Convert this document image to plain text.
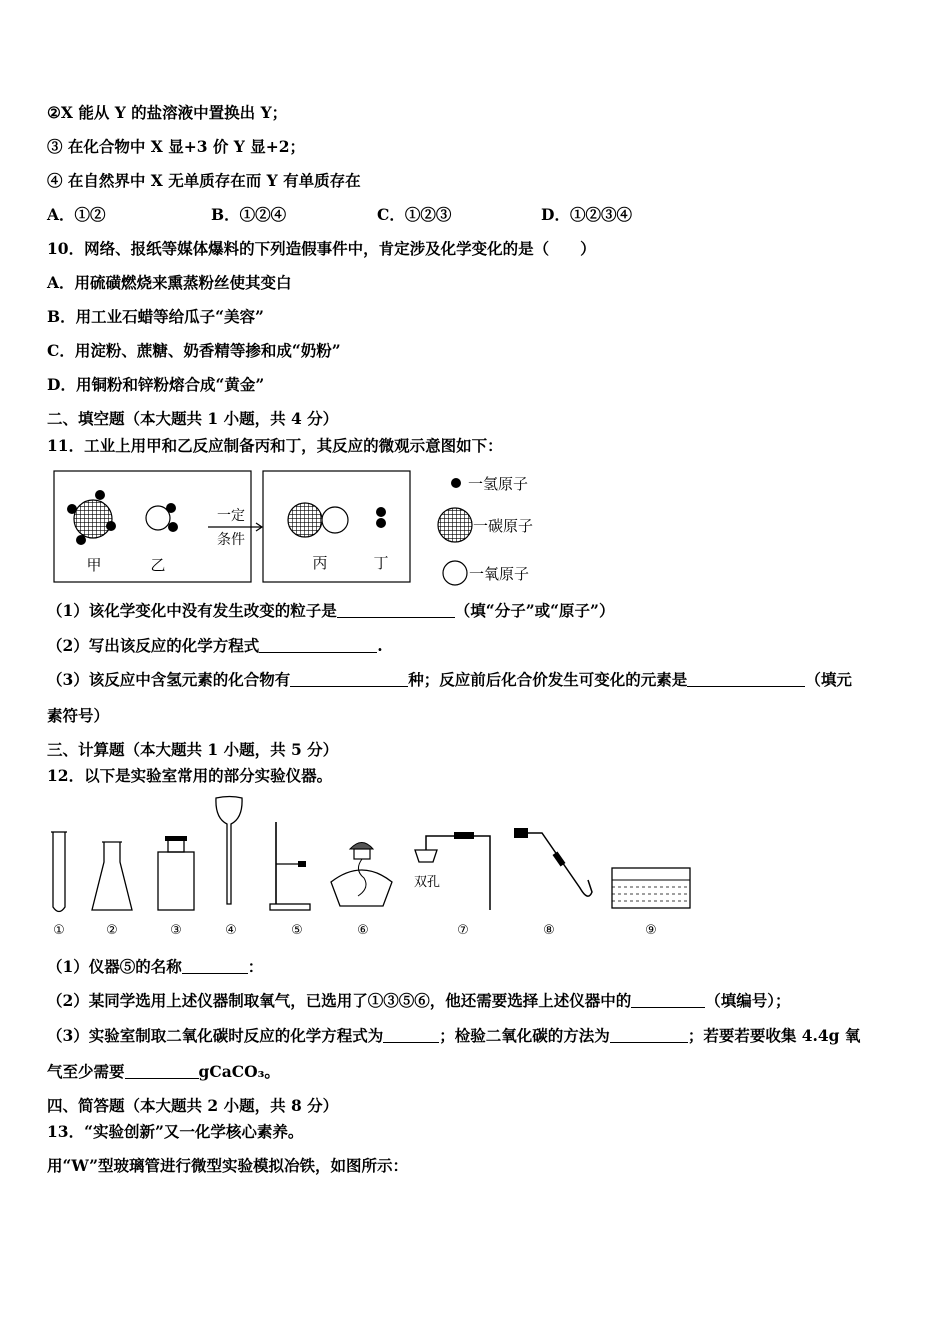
②X 能从 Y 的盐溶液中置换出 Y；
③ 在化合物中 X 显+3 价 Y 显+2；
④ 在自然界中 X 无单质存在而 Y 有单质存在
A．①②	B．①②④	C．①②③	D．①②③④
10．网络、报纸等媒体爆料的下列造假事件中，肯定涉及化学变化的是（　　）
A．用硫磺燃烧来熏蒸粉丝使其变白
B．用工业石蜡等给瓜子“美容”
C．用淀粉、蔗糖、奶香精等掺和成“奶粉”
D．用铜粉和锌粉熔合成“黄金”
二、填空题（本大题共 1 小题，共 4 分）
11．工业上用甲和乙反应制备丙和丁，其反应的微观示意图如下：
甲	乙
一定
条件
丙	丁
一氢原子
一碳原子
一氧原子
（1）该化学变化中没有发生改变的粒子是	（填“分子”或“原子”）
（2）写出该反应的化学方程式	.
（3）该反应中含氢元素的化合物有	种；反应前后化合价发生可变化的元素是	（填元
素符号）
三、计算题（本大题共 1 小题，共 5 分）
12．以下是实验室常用的部分实验仪器。
双孔
①	②	③	④	⑤	⑥	⑦	⑧	⑨
（1）仪器⑤的名称	：
（2）某同学选用上述仪器制取氧气，已选用了①③⑤⑥，他还需要选择上述仪器中的	（填编号）；
（3）实验室制取二氧化碳时反应的化学方程式为	；检验二氧化碳的方法为	；若要若要收集 4.4g 氧
气至少需要	gCaCO₃。
四、简答题（本大题共 2 小题，共 8 分）
13．“实验创新”又一化学核心素养。
用“W”型玻璃管进行微型实验模拟冶铁，如图所示：
